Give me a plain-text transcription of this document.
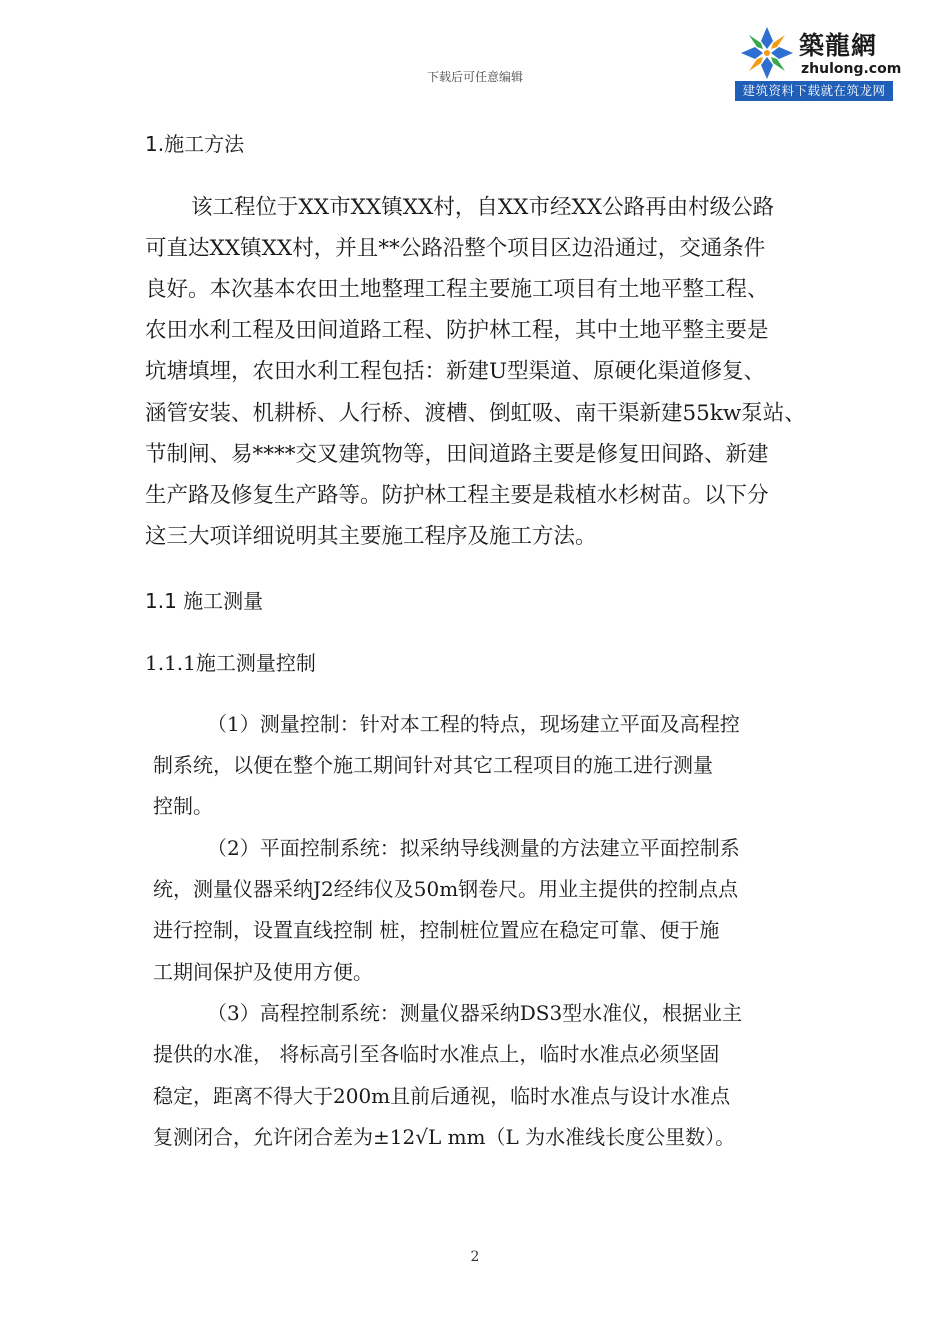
下载后可任意编辑
築龍網
zhulong.com
建筑资料下载就在筑龙网
1.施工方法
该工程位于XX市XX镇XX村，自XX市经XX公路再由村级公路
可直达XX镇XX村，并且**公路沿整个项目区边沿通过，交通条件
良好。本次基本农田土地整理工程主要施工项目有土地平整工程、
农田水利工程及田间道路工程、防护林工程，其中土地平整主要是
坑塘填埋，农田水利工程包括：新建U型渠道、原硬化渠道修复、
涵管安装、机耕桥、人行桥、渡槽、倒虹吸、南干渠新建55kw泵站、
节制闸、易****交叉建筑物等，田间道路主要是修复田间路、新建
生产路及修复生产路等。防护林工程主要是栽植水杉树苗。以下分
这三大项详细说明其主要施工程序及施工方法。
1.1 施工测量
1.1.1施工测量控制
（1）测量控制：针对本工程的特点，现场建立平面及高程控
制系统，以便在整个施工期间针对其它工程项目的施工进行测量
控制。
（2）平面控制系统：拟采纳导线测量的方法建立平面控制系
统，测量仪器采纳J2经纬仪及50m钢卷尺。用业主提供的控制点点
进行控制，设置直线控制 桩，控制桩位置应在稳定可靠、便于施
工期间保护及使用方便。
（3）高程控制系统：测量仪器采纳DS3型水准仪，根据业主
提供的水准， 将标高引至各临时水准点上，临时水准点必须坚固
稳定，距离不得大于200m且前后通视，临时水准点与设计水准点
复测闭合，允许闭合差为±12√L mm（L 为水准线长度公里数）。
2
